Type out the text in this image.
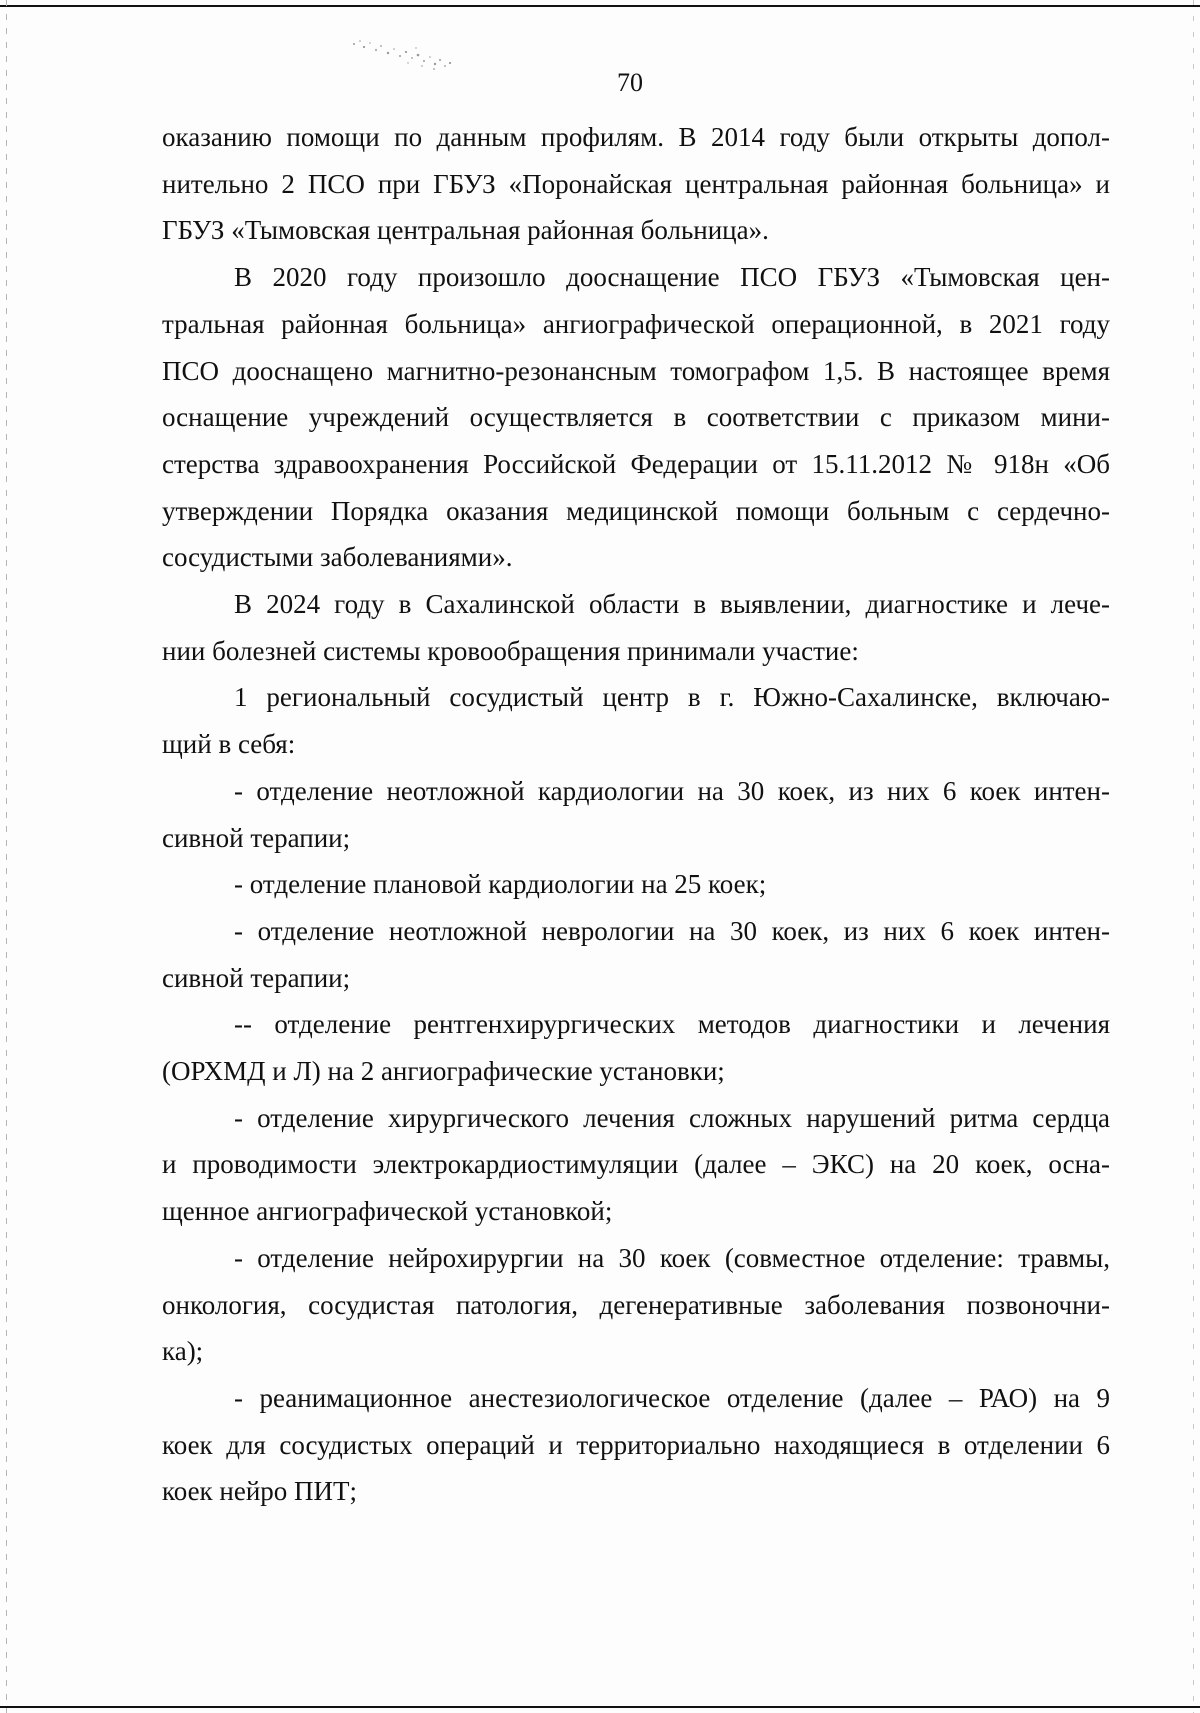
70

оказанию помощи по данным профилям. В 2014 году были открыты допол-
нительно 2 ПСО при ГБУЗ «Поронайская центральная районная больница» и
ГБУЗ «Тымовская центральная районная больница».
В 2020 году произошло дооснащение ПСО ГБУЗ «Тымовская цен-
тральная районная больница» ангиографической операционной, в 2021 году
ПСО дооснащено магнитно-резонансным томографом 1,5. В настоящее время
оснащение учреждений осуществляется в соответствии с приказом мини-
стерства здравоохранения Российской Федерации от 15.11.2012 № 918н «Об
утверждении Порядка оказания медицинской помощи больным с сердечно-
сосудистыми заболеваниями».
В 2024 году в Сахалинской области в выявлении, диагностике и лече-
нии болезней системы кровообращения принимали участие:
1 региональный сосудистый центр в г. Южно-Сахалинске, включаю-
щий в себя:
- отделение неотложной кардиологии на 30 коек, из них 6 коек интен-
сивной терапии;
- отделение плановой кардиологии на 25 коек;
- отделение неотложной неврологии на 30 коек, из них 6 коек интен-
сивной терапии;
-- отделение рентгенхирургических методов диагностики и лечения
(ОРХМД и Л) на 2 ангиографические установки;
- отделение хирургического лечения сложных нарушений ритма сердца
и проводимости электрокардиостимуляции (далее – ЭКС) на 20 коек, осна-
щенное ангиографической установкой;
- отделение нейрохирургии на 30 коек (совместное отделение: травмы,
онкология, сосудистая патология, дегенеративные заболевания позвоночни-
ка);
- реанимационное анестезиологическое отделение (далее – РАО) на 9
коек для сосудистых операций и территориально находящиеся в отделении 6
коек нейро ПИТ;
